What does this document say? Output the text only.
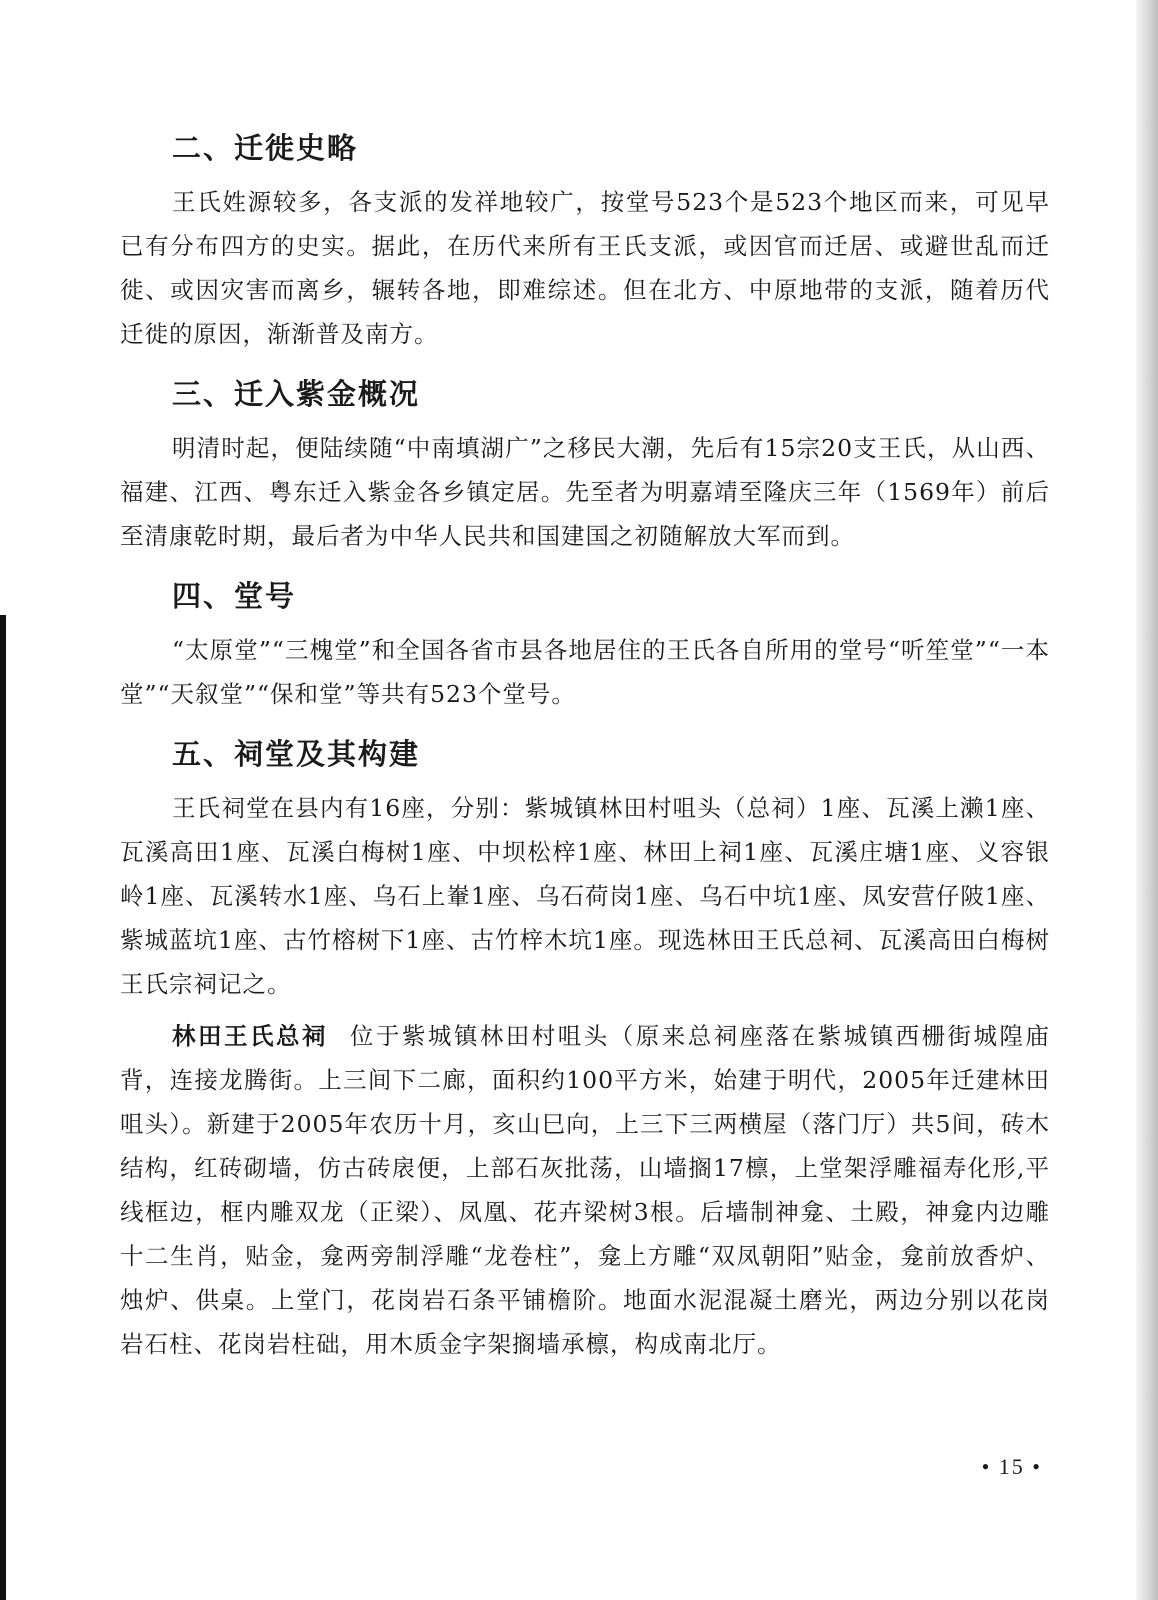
二、迁徙史略

王氏姓源较多，各支派的发祥地较广，按堂号523个是523个地区而来，可见早已有分布四方的史实。据此，在历代来所有王氏支派，或因官而迁居、或避世乱而迁徙、或因灾害而离乡，辗转各地，即难综述。但在北方、中原地带的支派，随着历代迁徙的原因，渐渐普及南方。

三、迁入紫金概况

明清时起，便陆续随“中南填湖广”之移民大潮，先后有15宗20支王氏，从山西、福建、江西、粤东迁入紫金各乡镇定居。先至者为明嘉靖至隆庆三年（1569年）前后至清康乾时期，最后者为中华人民共和国建国之初随解放大军而到。

四、堂号

“太原堂”“三槐堂”和全国各省市县各地居住的王氏各自所用的堂号“听笙堂”“一本堂”“天叙堂”“保和堂”等共有523个堂号。

五、祠堂及其构建

王氏祠堂在县内有16座，分别：紫城镇林田村咀头（总祠）1座、瓦溪上濑1座、瓦溪高田1座、瓦溪白梅树1座、中坝松梓1座、林田上祠1座、瓦溪庄塘1座、义容银岭1座、瓦溪转水1座、乌石上輋1座、乌石荷岗1座、乌石中坑1座、凤安营仔陂1座、紫城蓝坑1座、古竹榕树下1座、古竹梓木坑1座。现选林田王氏总祠、瓦溪高田白梅树王氏宗祠记之。

林田王氏总祠 位于紫城镇林田村咀头（原来总祠座落在紫城镇西栅街城隍庙背，连接龙腾街。上三间下二廊，面积约100平方米，始建于明代，2005年迁建林田咀头）。新建于2005年农历十月，亥山巳向，上三下三两横屋（落门厅）共5间，砖木结构，红砖砌墙，仿古砖扆便，上部石灰批荡，山墙搁17檩，上堂架浮雕福寿化形,平线框边，框内雕双龙（正梁）、凤凰、花卉梁树3根。后墙制神龛、土殿，神龛内边雕十二生肖，贴金，龛两旁制浮雕“龙卷柱”，龛上方雕“双凤朝阳”贴金，龛前放香炉、烛炉、供桌。上堂门，花岗岩石条平铺檐阶。地面水泥混凝土磨光，两边分别以花岗岩石柱、花岗岩柱础，用木质金字架搁墙承檩，构成南北厅。

• 15 •
